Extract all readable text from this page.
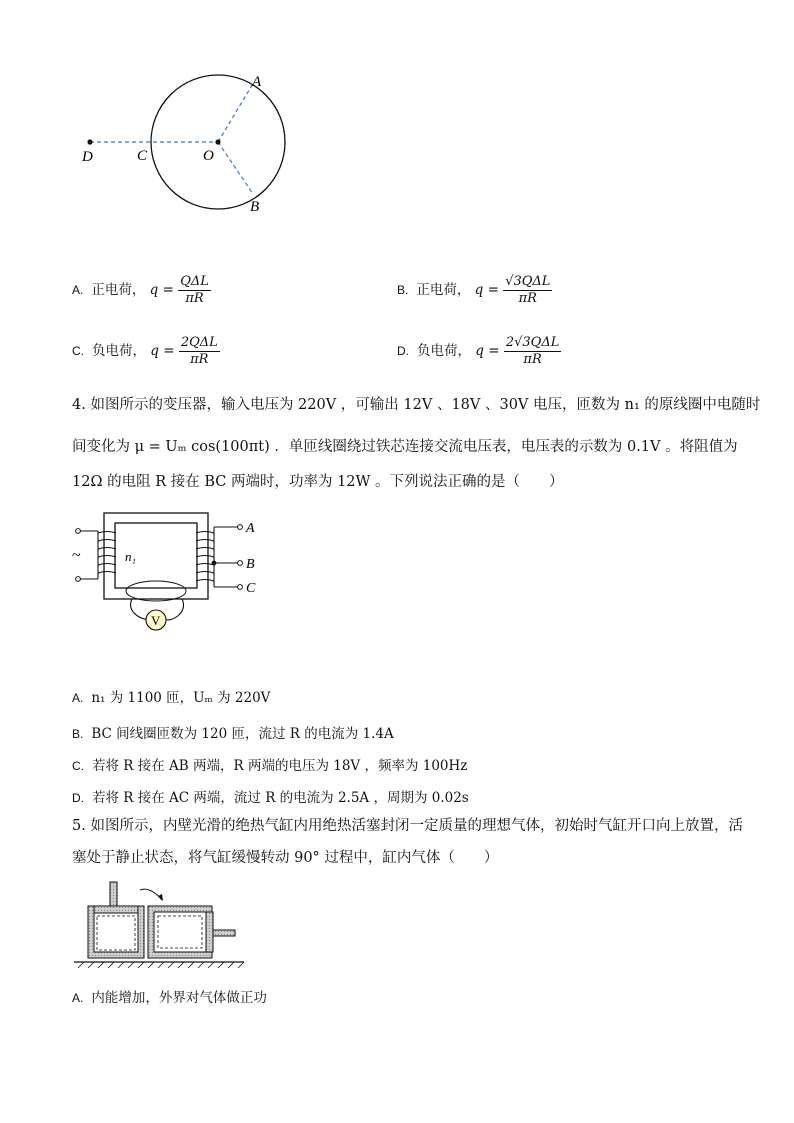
A
B
C
D	O
A. 正电荷， $q = \frac{\text{QΔL}}{\pi R}$	B. 正电荷， $q = \frac{\text{√3QΔL}}{\pi R}$
C. 负电荷， $q = \frac{\text{2QΔL}}{\pi R}$	D. 负电荷， $q = \frac{\text{2√3QΔL}}{\pi R}$
4. 如图所示的变压器，输入电压为 220V ，可输出 12V 、18V 、30V 电压，匝数为 n₁ 的原线圈中电随时
间变化为 μ = Uₘ cos(100πt) ．单匝线圈绕过铁芯连接交流电压表，电压表的示数为 0.1V 。将阻值为
12Ω 的电阻 R 接在 BC 两端时，功率为 12W 。下列说法正确的是（　　）
V
~	n₁
A
B
C
A. n₁ 为 1100 匝，Uₘ 为 220V
B. BC 间线圈匝数为 120 匝，流过 R 的电流为 1.4A
C. 若将 R 接在 AB 两端，R 两端的电压为 18V ，频率为 100Hz
D. 若将 R 接在 AC 两端，流过 R 的电流为 2.5A ，周期为 0.02s
5. 如图所示，内壁光滑的绝热气缸内用绝热活塞封闭一定质量的理想气体，初始时气缸开口向上放置，活
塞处于静止状态，将气缸缓慢转动 90° 过程中，缸内气体（　　）
A. 内能增加，外界对气体做正功
